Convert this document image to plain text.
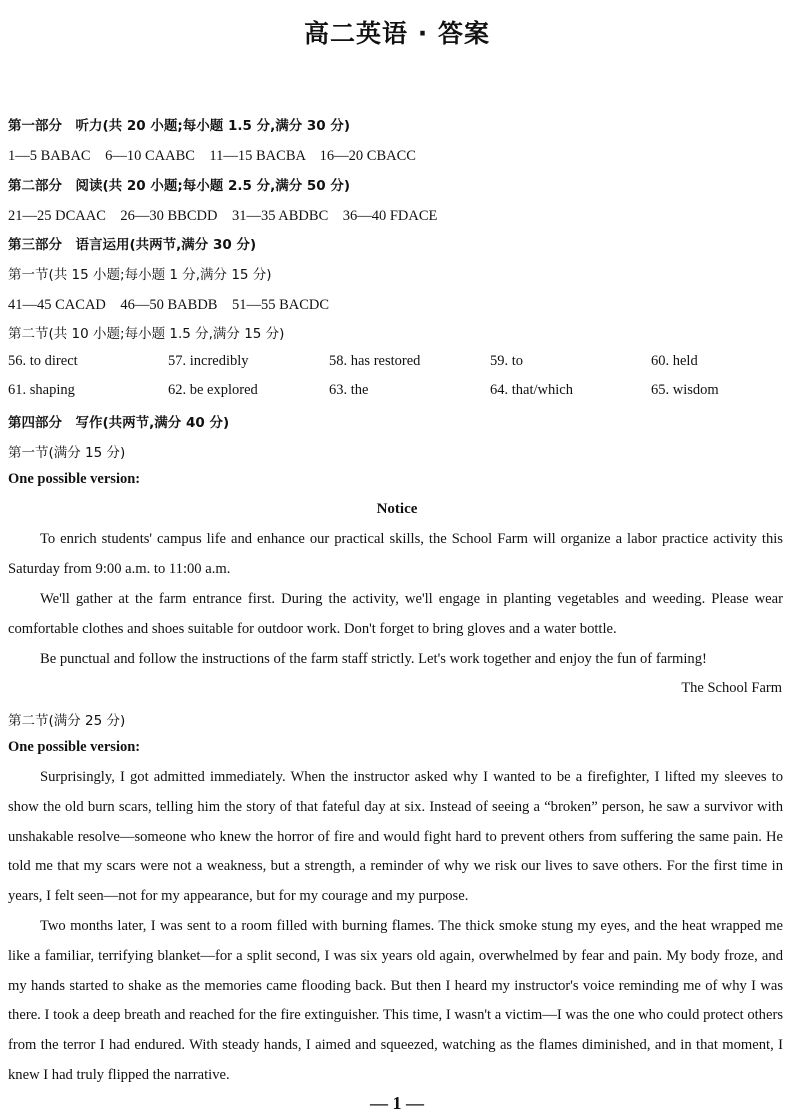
高二英语 · 答案
第一部分　听力(共 20 小题;每小题 1.5 分,满分 30 分)
1—5 BABAC　6—10 CAABC　11—15 BACBA　16—20 CBACC
第二部分　阅读(共 20 小题;每小题 2.5 分,满分 50 分)
21—25 DCAAC　26—30 BBCDD　31—35 ABDBC　36—40 FDACE
第三部分　语言运用(共两节,满分 30 分)
第一节(共 15 小题;每小题 1 分,满分 15 分)
41—45 CACAD　46—50 BABDB　51—55 BACDC
第二节(共 10 小题;每小题 1.5 分,满分 15 分)
56. to direct	57. incredibly	58. has restored	59. to	60. held
61. shaping	62. be explored	63. the	64. that/which	65. wisdom
第四部分　写作(共两节,满分 40 分)
第一节(满分 15 分)
One possible version:
Notice
To enrich students' campus life and enhance our practical skills, the School Farm will organize a labor practice activity this Saturday from 9:00 a.m. to 11:00 a.m.
We'll gather at the farm entrance first. During the activity, we'll engage in planting vegetables and weeding. Please wear comfortable clothes and shoes suitable for outdoor work. Don't forget to bring gloves and a water bottle.
Be punctual and follow the instructions of the farm staff strictly. Let's work together and enjoy the fun of farming!
The School Farm
第二节(满分 25 分)
One possible version:
Surprisingly, I got admitted immediately. When the instructor asked why I wanted to be a firefighter, I lifted my sleeves to show the old burn scars, telling him the story of that fateful day at six. Instead of seeing a “broken” person, he saw a survivor with unshakable resolve—someone who knew the horror of fire and would fight hard to prevent others from suffering the same pain. He told me that my scars were not a weakness, but a strength, a reminder of why we risk our lives to save others. For the first time in years, I felt seen—not for my appearance, but for my courage and my purpose.
Two months later, I was sent to a room filled with burning flames. The thick smoke stung my eyes, and the heat wrapped me like a familiar, terrifying blanket—for a split second, I was six years old again, overwhelmed by fear and pain. My body froze, and my hands started to shake as the memories came flooding back. But then I heard my instructor's voice reminding me of why I was there. I took a deep breath and reached for the fire extinguisher. This time, I wasn't a victim—I was the one who could protect others from the terror I had endured. With steady hands, I aimed and squeezed, watching as the flames diminished, and in that moment, I knew I had truly flipped the narrative.
— 1 —
